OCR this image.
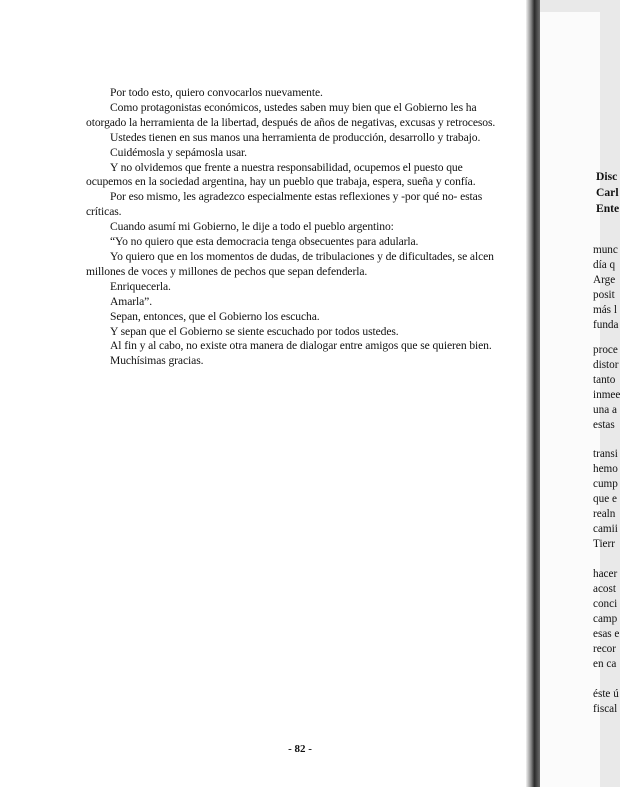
Por todo esto, quiero convocarlos nuevamente.

Como protagonistas económicos, ustedes saben muy bien que el Gobierno les ha otorgado la herramienta de la libertad, después de años de negativas, excusas y retrocesos.

Ustedes tienen en sus manos una herramienta de producción, desarrollo y trabajo.

Cuidémosla y sepámosla usar.

Y no olvidemos que frente a nuestra responsabilidad, ocupemos el puesto que ocupemos en la sociedad argentina, hay un pueblo que trabaja, espera, sueña y confía.

Por eso mismo, les agradezco especialmente estas reflexiones y -por qué no- estas críticas.

Cuando asumí mi Gobierno, le dije a todo el pueblo argentino:

“Yo no quiero que esta democracia tenga obsecuentes para adularla.

Yo quiero que en los momentos de dudas, de tribulaciones y de dificultades, se alcen millones de voces y millones de pechos que sepan defenderla.

Enriquecerla.

Amarla”.

Sepan, entonces, que el Gobierno los escucha.

Y sepan que el Gobierno se siente escuchado por todos ustedes.

Al fin y al cabo, no existe otra manera de dialogar entre amigos que se quieren bien.

Muchísimas gracias.

- 82 -
Disc
Carl
Ente
munc
día q
Arge
posit
más l
funda
proce
distor
tanto
inmee
una a
estas
transi
hemo
cump
que e
realn
camii
Tierr
hacer
acost
conci
camp
esas e
recor
en ca
éste ú
fiscal
